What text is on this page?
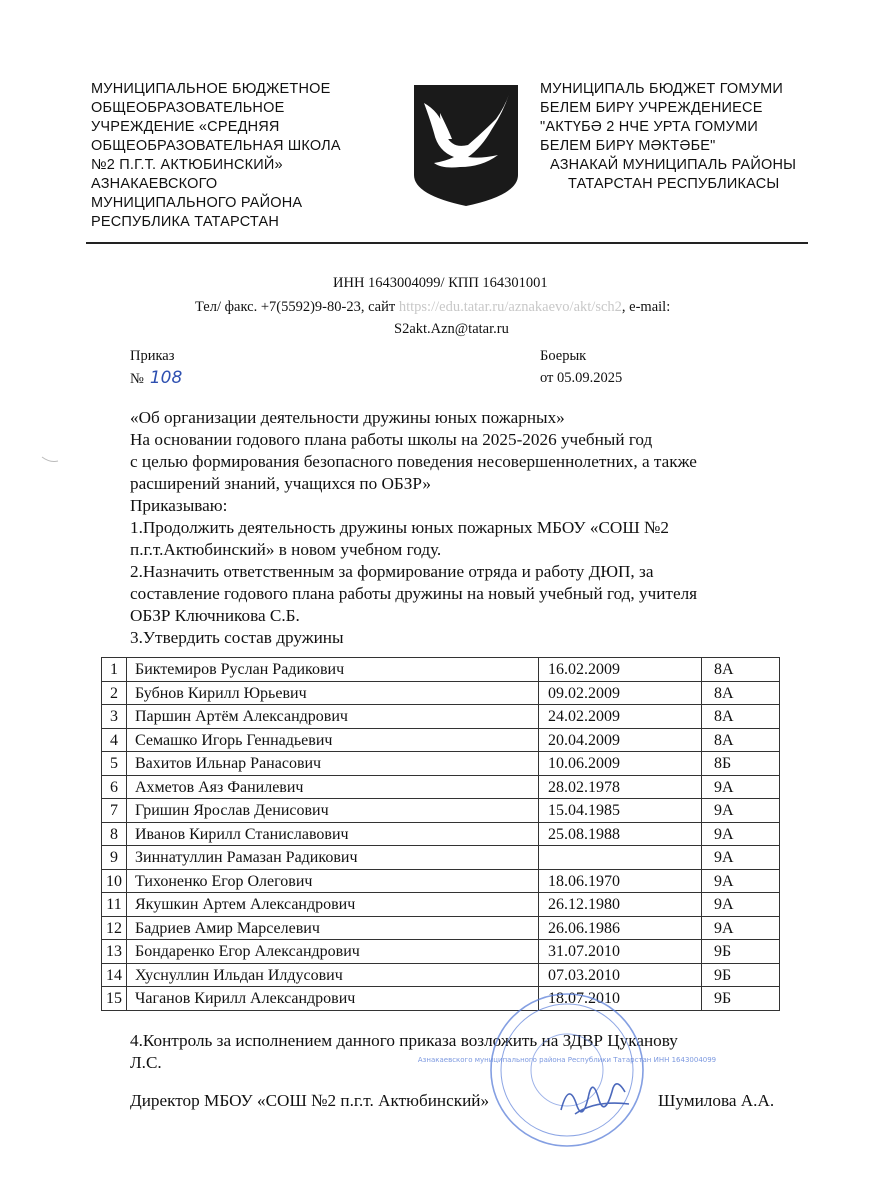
МУНИЦИПАЛЬНОЕ БЮДЖЕТНОЕ
ОБЩЕОБРАЗОВАТЕЛЬНОЕ
УЧРЕЖДЕНИЕ «СРЕДНЯЯ
ОБЩЕОБРАЗОВАТЕЛЬНАЯ ШКОЛА
№2 П.Г.Т. АКТЮБИНСКИЙ»
АЗНАКАЕВСКОГО
МУНИЦИПАЛЬНОГО РАЙОНА
РЕСПУБЛИКА ТАТАРСТАН
МУНИЦИПАЛЬ БЮДЖЕТ ГОМУМИ
БЕЛЕМ БИРҮ УЧРЕЖДЕНИЕСЕ
"АКТҮБӘ 2 НЧЕ УРТА ГОМУМИ
БЕЛЕМ БИРҮ МӘКТӘБЕ"
АЗНАКАЙ МУНИЦИПАЛЬ РАЙОНЫ
ТАТАРСТАН РЕСПУБЛИКАСЫ
ИНН 1643004099/ КПП 164301001
Тел/ факс. +7(5592)9-80-23, сайт https://edu.tatar.ru/aznakaevo/akt/sch2, e-mail:
S2akt.Azn@tatar.ru
Приказ
№ 108
Боерык
от 05.09.2025

«Об организации деятельности дружины юных пожарных»

На основании годового плана работы школы на 2025-2026 учебный год

с целью формирования безопасного поведения несовершеннолетних, а также

расширений знаний, учащихся по ОБЗР»

Приказываю:

1.Продолжить деятельность дружины юных пожарных МБОУ «СОШ №2

п.г.т.Актюбинский» в новом учебном году.

2.Назначить ответственным за формирование отряда и работу ДЮП, за

составление годового плана работы дружины на новый учебный год, учителя

ОБЗР Ключникова С.Б.

3.Утвердить состав дружины

1	Биктемиров Руслан Радикович	16.02.2009	8А
2	Бубнов Кирилл Юрьевич	09.02.2009	8А
3	Паршин Артём Александрович	24.02.2009	8А
4	Семашко Игорь Геннадьевич	20.04.2009	8А
5	Вахитов Ильнар Ранасович	10.06.2009	8Б
6	Ахметов Аяз Фанилевич	28.02.1978	9А
7	Гришин Ярослав Денисович	15.04.1985	9А
8	Иванов Кирилл Станиславович	25.08.1988	9А
9	Зиннатуллин Рамазан Радикович		9А
10	Тихоненко Егор Олегович	18.06.1970	9А
11	Якушкин Артем Александрович	26.12.1980	9А
12	Бадриев Амир Марселевич	26.06.1986	9А
13	Бондаренко Егор Александрович	31.07.2010	9Б
14	Хуснуллин Ильдан Илдусович	07.03.2010	9Б
15	Чаганов Кирилл Александрович	18.07.2010	9Б

4.Контроль за исполнением данного приказа возложить на ЗДВР Цуканову

Л.С.

Директор МБОУ «СОШ №2 п.г.т. Актюбинский»	Шумилова А.А.
Азнакаевского муниципального района Республики Татарстан ИНН 1643004099
